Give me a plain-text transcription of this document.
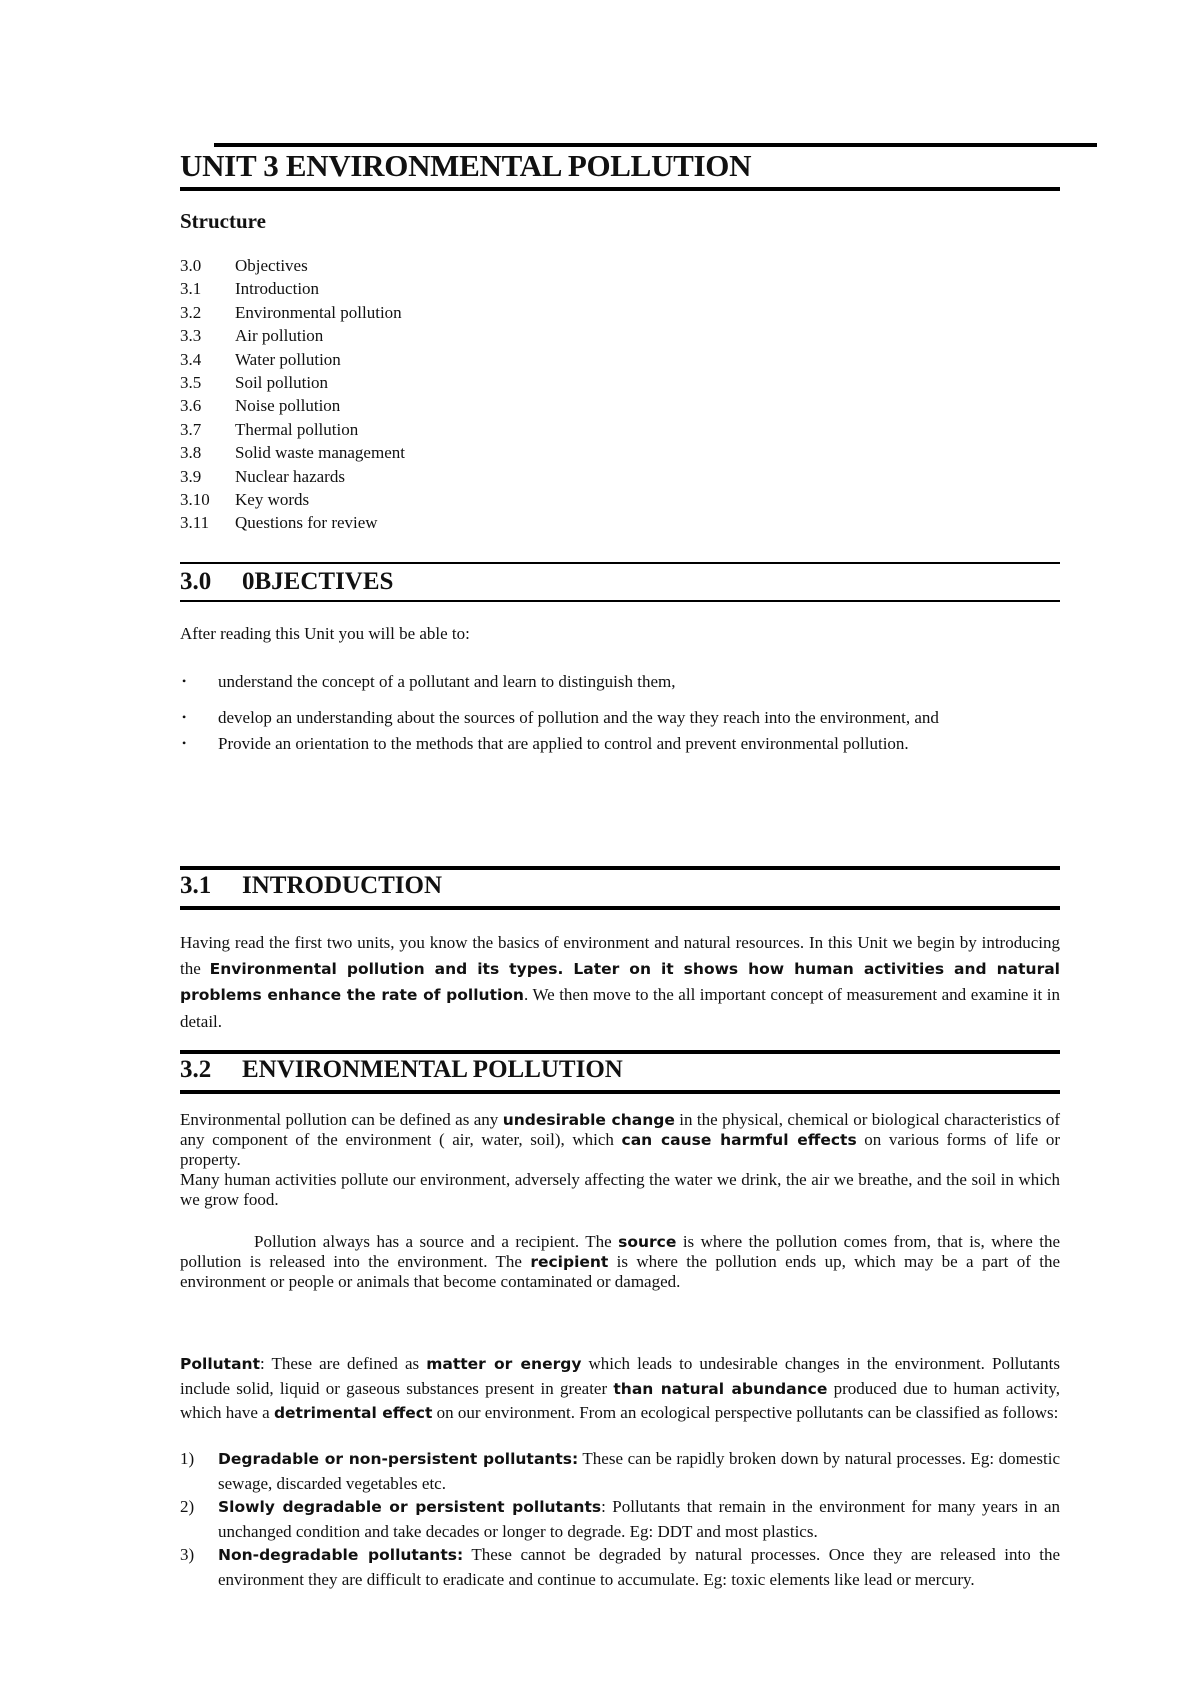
UNIT 3 ENVIRONMENTAL POLLUTION
Structure
3.0 Objectives
3.1 Introduction
3.2 Environmental pollution
3.3 Air pollution
3.4 Water pollution
3.5 Soil pollution
3.6 Noise pollution
3.7 Thermal pollution
3.8 Solid waste management
3.9 Nuclear hazards
3.10 Key words
3.11 Questions for review
3.0 0BJECTIVES

After reading this Unit you will be able to:

• understand the concept of a pollutant and learn to distinguish them,
• develop an understanding about the sources of pollution and the way they reach into the environment, and
• Provide an orientation to the methods that are applied to control and prevent environmental pollution.
3.1 INTRODUCTION

Having read the first two units, you know the basics of environment and natural resources. In this Unit we begin by introducing the Environmental pollution and its types. Later on it shows how human activities and natural problems enhance the rate of pollution. We then move to the all important concept of measurement and examine it in detail.

3.2 ENVIRONMENTAL POLLUTION

Environmental pollution can be defined as any undesirable change in the physical, chemical or biological characteristics of any component of the environment ( air, water, soil), which can cause harmful effects on various forms of life or property.

Many human activities pollute our environment, adversely affecting the water we drink, the air we breathe, and the soil in which we grow food.

Pollution always has a source and a recipient. The source is where the pollution comes from, that is, where the pollution is released into the environment. The recipient is where the pollution ends up, which may be a part of the environment or people or animals that become contaminated or damaged.

Pollutant: These are defined as matter or energy which leads to undesirable changes in the environment. Pollutants include solid, liquid or gaseous substances present in greater than natural abundance produced due to human activity, which have a detrimental effect on our environment. From an ecological perspective pollutants can be classified as follows:

1) Degradable or non-persistent pollutants: These can be rapidly broken down by natural processes. Eg: domestic sewage, discarded vegetables etc.
2) Slowly degradable or persistent pollutants: Pollutants that remain in the environment for many years in an unchanged condition and take decades or longer to degrade. Eg: DDT and most plastics.
3) Non-degradable pollutants: These cannot be degraded by natural processes. Once they are released into the environment they are difficult to eradicate and continue to accumulate. Eg: toxic elements like lead or mercury.
